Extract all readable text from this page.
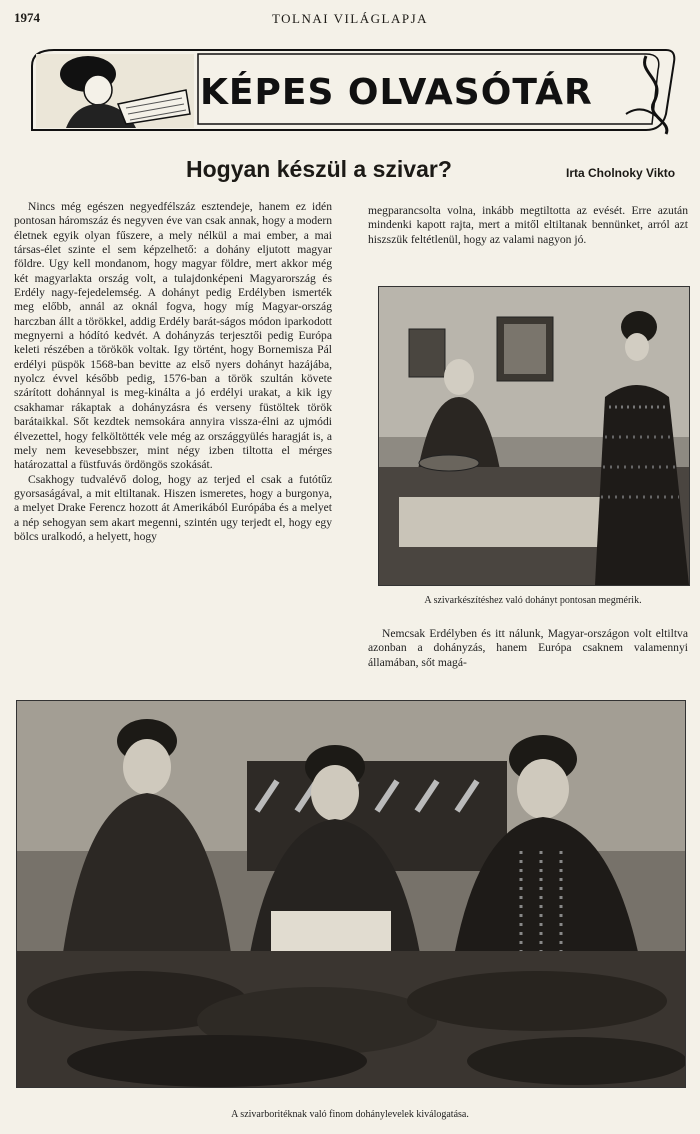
1974	TOLNAI VILÁGLAPJA
KÉPES OLVASÓTÁR
Hogyan készül a szivar?	Irta Cholnoky Vikto

Nincs még egészen negyedfélszáz esztendeje, hanem ez idén pontosan háromszáz és negyven éve van csak annak, hogy a modern életnek egyik olyan fűszere, a mely nélkül a mai ember, a mai társas-élet szinte el sem képzelhető: a dohány eljutott magyar földre. Ugy kell mondanom, hogy magyar földre, mert akkor még két magyarlakta ország volt, a tulajdonképeni Magyarország és Erdély nagy-fejedelemség. A dohányt pedig Erdélyben ismerték meg előbb, annál az oknál fogva, hogy míg Magyar-ország harczban állt a törökkel, addig Erdély barát-ságos módon iparkodott megnyerni a hódító kedvét. A dohányzás terjesztői pedig Európa keleti részében a törökök voltak. Igy történt, hogy Bornemisza Pál erdélyi püspök 1568-ban bevitte az első nyers dohányt hazájába, nyolcz évvel később pedig, 1576-ban a török szultán követe szárított dohánnyal is meg-kinálta a jó erdélyi urakat, a kik igy csakhamar rákaptak a dohányzásra és verseny füstöltek török barátaikkal. Sőt kezdtek nemsokára annyira vissza-élni az ujmódi élvezettel, hogy felköltötték vele még az országgyülés haragját is, a mely nem kevesebbszer, mint négy izben tiltotta el mérges határozattal a füstfuvás ördöngös szokását.

Csakhogy tudvalévő dolog, hogy az terjed el csak a futótűz gyorsaságával, a mit eltiltanak. Hiszen ismeretes, hogy a burgonya, a melyet Drake Ferencz hozott át Amerikából Európába és a melyet a nép sehogyan sem akart megenni, szintén ugy terjedt el, hogy egy bölcs uralkodó, a helyett, hogy

megparancsolta volna, inkább megtiltotta az evését. Erre azután mindenki kapott rajta, mert a mitől eltiltanak bennünket, arról azt hiszszük feltétlenül, hogy az valami nagyon jó.

A szivarkészítéshez való dohányt pontosan megmérik.

Nemcsak Erdélyben és itt nálunk, Magyar-országon volt eltiltva azonban a dohányzás, hanem Európa csaknem valamennyi államában, sőt magá-

A szivarboritéknak való finom dohánylevelek kiválogatása.
